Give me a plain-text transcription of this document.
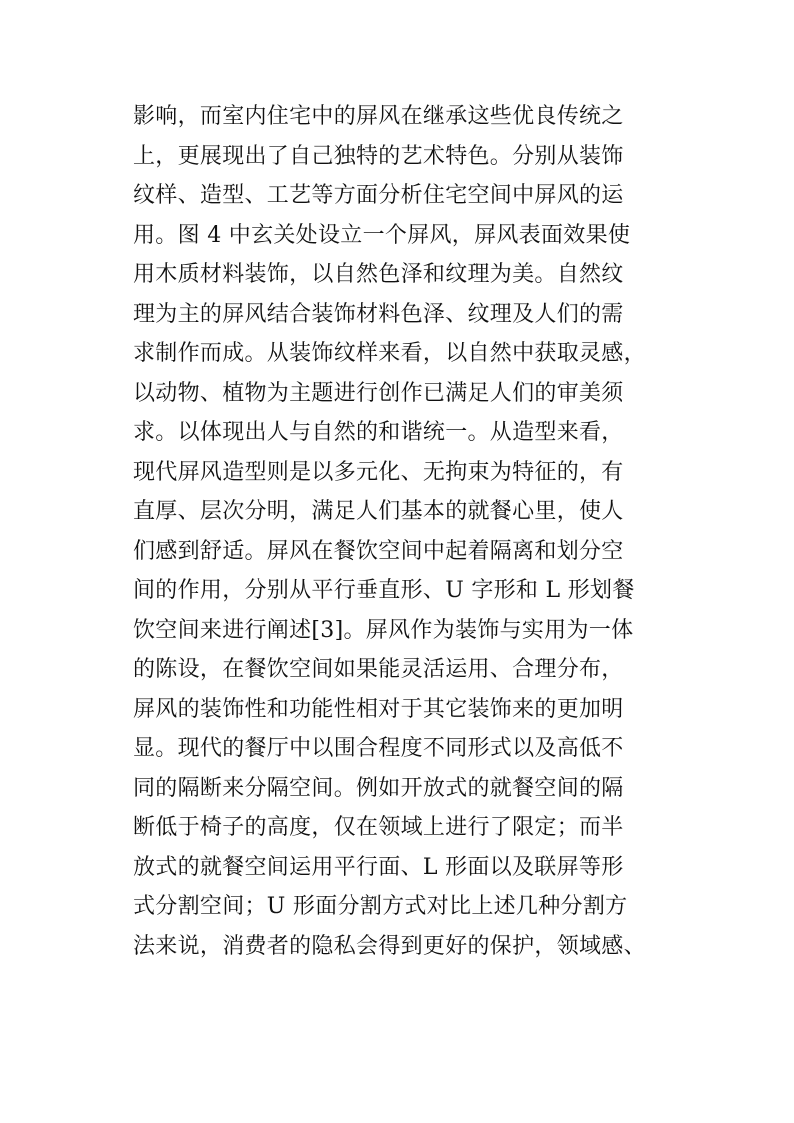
影响，而室内住宅中的屏风在继承这些优良传统之
上，更展现出了自己独特的艺术特色。分别从装饰
纹样、造型、工艺等方面分析住宅空间中屏风的运
用。图 4 中玄关处设立一个屏风，屏风表面效果使
用木质材料装饰，以自然色泽和纹理为美。自然纹
理为主的屏风结合装饰材料色泽、纹理及人们的需
求制作而成。从装饰纹样来看，以自然中获取灵感，
以动物、植物为主题进行创作已满足人们的审美须
求。以体现出人与自然的和谐统一。从造型来看，
现代屏风造型则是以多元化、无拘束为特征的，有
直厚、层次分明，满足人们基本的就餐心里，使人
们感到舒适。屏风在餐饮空间中起着隔离和划分空
间的作用，分别从平行垂直形、U 字形和 L 形划餐
饮空间来进行阐述[3]。屏风作为装饰与实用为一体
的陈设，在餐饮空间如果能灵活运用、合理分布，
屏风的装饰性和功能性相对于其它装饰来的更加明
显。现代的餐厅中以围合程度不同形式以及高低不
同的隔断来分隔空间。例如开放式的就餐空间的隔
断低于椅子的高度，仅在领域上进行了限定；而半
放式的就餐空间运用平行面、L 形面以及联屏等形
式分割空间；U 形面分割方式对比上述几种分割方
法来说，消费者的隐私会得到更好的保护，领域感、
